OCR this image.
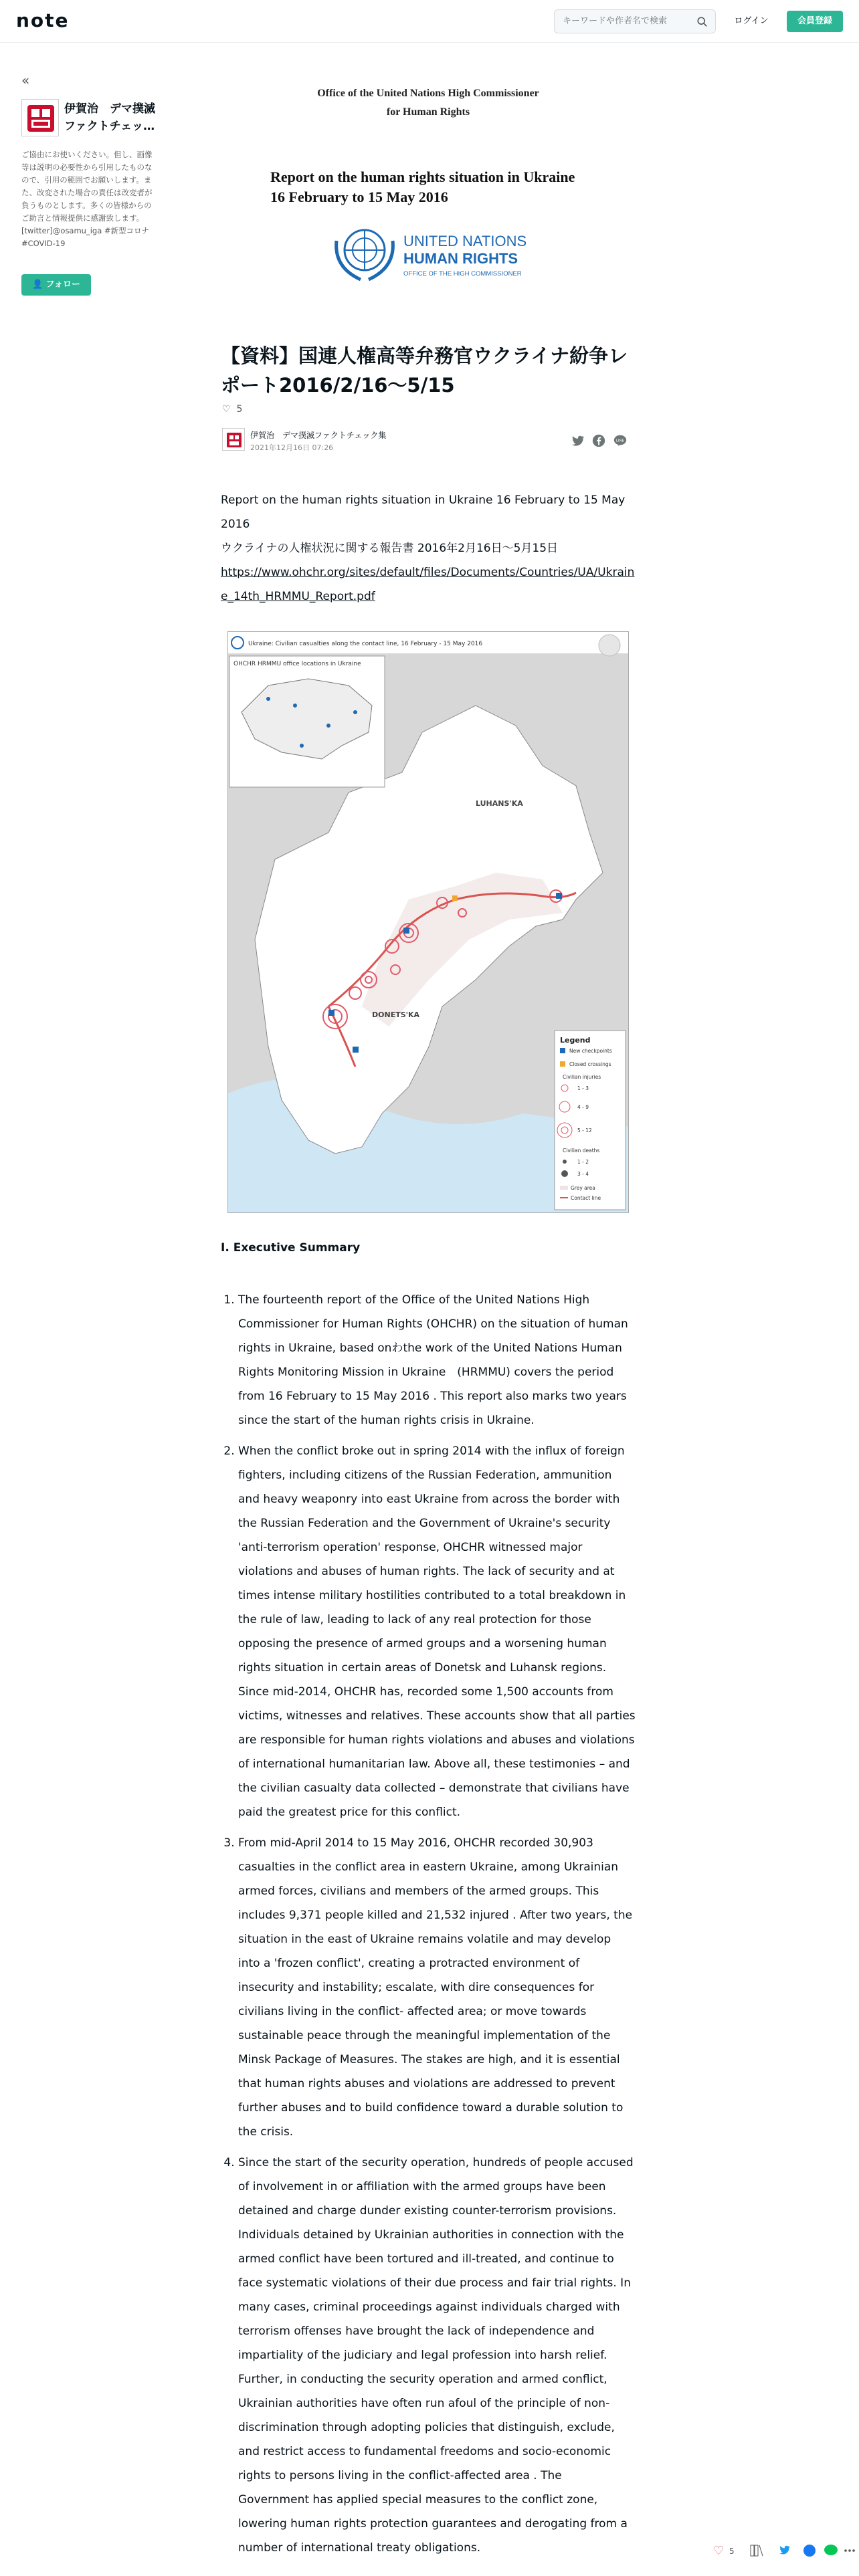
note
キーワードや作者名で検索	ログイン	会員登録
«
伊賀治　デマ撲滅ファクトチェッ…
ご協由にお使いください。但し、画像等は説明の必要性から引用したものなので、引用の範囲でお願いします。また、改変された場合の責任は改変者が負うものとします。多くの皆様からのご助言と情報提供に感謝致します。[twitter]@osamu_iga #新型コロナ #COVID-19
👤 フォロー
Office of the United Nations High Commissioner
for Human Rights
Report on the human rights situation in Ukraine 16 February to 15 May 2016
UNITED NATIONS
HUMAN RIGHTS
OFFICE OF THE HIGH COMMISSIONER
【資料】国連人権高等弁務官ウクライナ紛争レポート2016/2/16〜5/15
♡ 5
伊賀治　デマ撲滅ファクトチェック集
2021年12月16日 07:26
LINE

Report on the human rights situation in Ukraine 16 February to 15 May 2016

ウクライナの人権状況に関する報告書 2016年2月16日〜5月15日

https://www.ohchr.org/sites/default/files/Documents/Countries/UA/Ukraine_14th_HRMMU_Report.pdf

Ukraine: Civilian casualties along the contact line, 16 February - 15 May 2016
LUHANS'KA
DONETS'KA
OHCHR HRMMU office locations in Ukraine
Legend
New checkpoints
Closed crossings
Civilian injuries
1 - 3
4 - 9
5 - 12
Civilian deaths
1 - 2
3 - 4
Grey area
Contact line
I. Executive Summary
1. The fourteenth report of the Office of the United Nations High Commissioner for Human Rights (OHCHR) on the situation of human rights in Ukraine, based onわthe work of the United Nations Human Rights Monitoring Mission in Ukraine　(HRMMU) covers the period from 16 February to 15 May 2016 . This report also marks two years since the start of the human rights crisis in Ukraine.
2. When the conflict broke out in spring 2014 with the influx of foreign fighters, including citizens of the Russian Federation, ammunition and heavy weaponry into east Ukraine from across the border with the Russian Federation and the Government of Ukraine's security 'anti-terrorism operation' response, OHCHR witnessed major violations and abuses of human rights. The lack of security and at times intense military hostilities contributed to a total breakdown in the rule of law, leading to lack of any real protection for those opposing the presence of armed groups and a worsening human rights situation in certain areas of Donetsk and Luhansk regions. Since mid-2014, OHCHR has, recorded some 1,500 accounts from victims, witnesses and relatives. These accounts show that all parties are responsible for human rights violations and abuses and violations of international humanitarian law. Above all, these testimonies – and the civilian casualty data collected – demonstrate that civilians have paid the greatest price for this conflict.
3. From mid-April 2014 to 15 May 2016, OHCHR recorded 30,903 casualties in the conflict area in eastern Ukraine, among Ukrainian armed forces, civilians and members of the armed groups. This includes 9,371 people killed and 21,532 injured . After two years, the situation in the east of Ukraine remains volatile and may develop into a 'frozen conflict', creating a protracted environment of insecurity and instability; escalate, with dire consequences for civilians living in the conflict- affected area; or move towards sustainable peace through the meaningful implementation of the Minsk Package of Measures. The stakes are high, and it is essential that human rights abuses and violations are addressed to prevent further abuses and to build confidence toward a durable solution to the crisis.
4. Since the start of the security operation, hundreds of people accused of involvement in or affiliation with the armed groups have been detained and charge dunder existing counter-terrorism provisions. Individuals detained by Ukrainian authorities in connection with the armed conflict have been tortured and ill-treated, and continue to face systematic violations of their due process and fair trial rights. In many cases, criminal proceedings against individuals charged with terrorism offenses have brought the lack of independence and impartiality of the judiciary and legal profession into harsh relief. Further, in conducting the security operation and armed conflict, Ukrainian authorities have often run afoul of the principle of non- discrimination through adopting policies that distinguish, exclude, and restrict access to fundamental freedoms and socio-economic rights to persons living in the conflict-affected area . The Government has applied special measures to the conflict zone, lowering human rights protection guarantees and derogating from a number of international treaty obligations.	♡ 5
